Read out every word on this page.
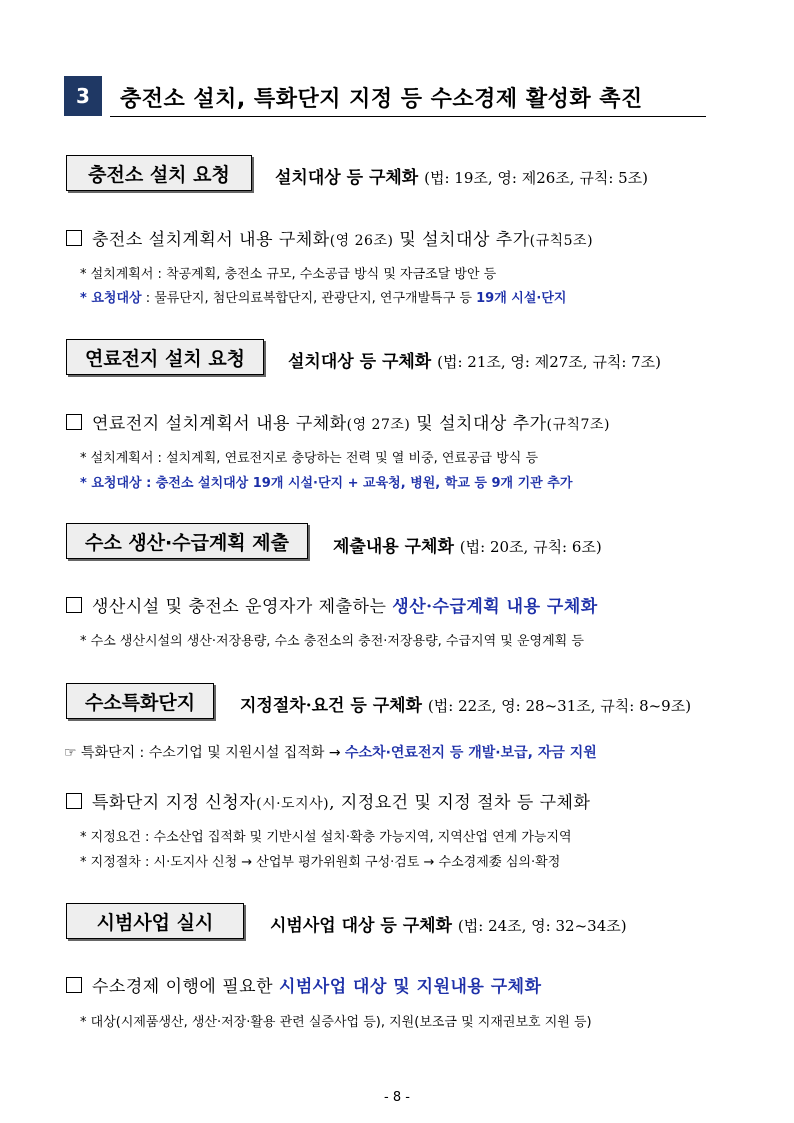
3	충전소 설치, 특화단지 지정 등 수소경제 활성화 촉진
충전소 설치 요청	설치대상 등 구체화 (법: 19조, 영: 제26조, 규칙: 5조)
충전소 설치계획서 내용 구체화(영 26조) 및 설치대상 추가(규칙5조)
* 설치계획서 : 착공계획, 충전소 규모, 수소공급 방식 및 자금조달 방안 등
* 요청대상 : 물류단지, 첨단의료복합단지, 관광단지, 연구개발특구 등 19개 시설·단지
연료전지 설치 요청	설치대상 등 구체화 (법: 21조, 영: 제27조, 규칙: 7조)
연료전지 설치계획서 내용 구체화(영 27조) 및 설치대상 추가(규칙7조)
* 설치계획서 : 설치계획, 연료전지로 충당하는 전력 및 열 비중, 연료공급 방식 등
* 요청대상 : 충전소 설치대상 19개 시설·단지 + 교육청, 병원, 학교 등 9개 기관 추가
수소 생산·수급계획 제출	제출내용 구체화 (법: 20조, 규칙: 6조)
생산시설 및 충전소 운영자가 제출하는 생산·수급계획 내용 구체화
* 수소 생산시설의 생산·저장용량, 수소 충전소의 충전·저장용량, 수급지역 및 운영계획 등
수소특화단지	지정절차·요건 등 구체화 (법: 22조, 영: 28~31조, 규칙: 8~9조)
☞ 특화단지 : 수소기업 및 지원시설 집적화 → 수소차·연료전지 등 개발·보급, 자금 지원
특화단지 지정 신청자(시·도지사), 지정요건 및 지정 절차 등 구체화
* 지정요건 : 수소산업 집적화 및 기반시설 설치·확충 가능지역, 지역산업 연계 가능지역
* 지정절차 : 시·도지사 신청 → 산업부 평가위원회 구성·검토 → 수소경제委 심의·확정
시범사업 실시	시범사업 대상 등 구체화 (법: 24조, 영: 32~34조)
수소경제 이행에 필요한 시범사업 대상 및 지원내용 구체화
* 대상(시제품생산, 생산·저장·활용 관련 실증사업 등), 지원(보조금 및 지재권보호 지원 등)
- 8 -
